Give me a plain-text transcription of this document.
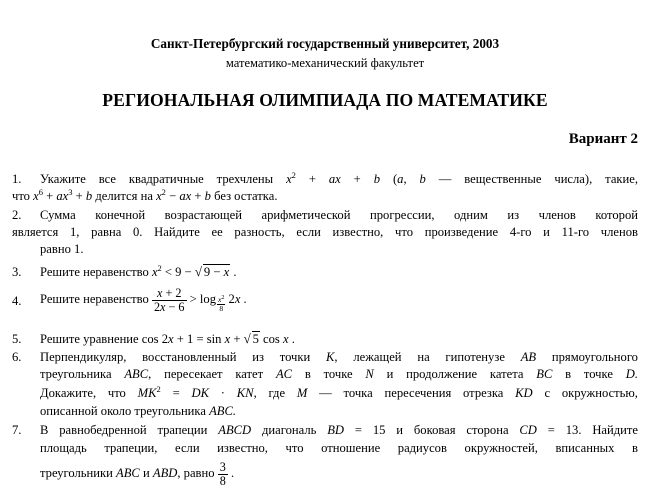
Санкт-Петербургский государственный университет, 2003
математико-механический факультет
РЕГИОНАЛЬНАЯ ОЛИМПИАДА ПО МАТЕМАТИКЕ
Вариант 2
1. Укажите все квадратичные трехчлены $x^2$ + ax + b (a, b — вещественные числа), такие,
что $x^6 + ax^3 + b$ делится на $x^2$ − ax + b без остатка.
2. Сумма конечной возрастающей арифметической прогрессии, одним из членов которой
является 1, равна 0. Найдите ее разность, если известно, что произведение 4-го и 11-го членов
равно 1.
3. Решите неравенство $x^2 < 9$ − √ 9 − x .
4. Решите неравенство $\frac{x + 2}{2x - 6} > \log \frac{x^2}{8} 2x$ .
5. Решите уравнение cos 2x + 1 = sin x + √ 5 cos x .
6. Перпендикуляр, восстановленный из точки K, лежащей на гипотенузе AB прямоугольного
треугольника ABC, пересекает катет AC в точке N и продолжение катета BC в точке D.
Докажите, что $MK^2$ = DK · KN, где M — точка пересечения отрезка KD с окружностью,
описанной около треугольника ABC.
7. В равнобедренной трапеции ABCD диагональ BD = 15 и боковая сторона CD = 13. Найдите
площадь трапеции, если известно, что отношение радиусов окружностей, вписанных в
треугольники ABC и ABD, равно $\frac{3}{8}$ .
